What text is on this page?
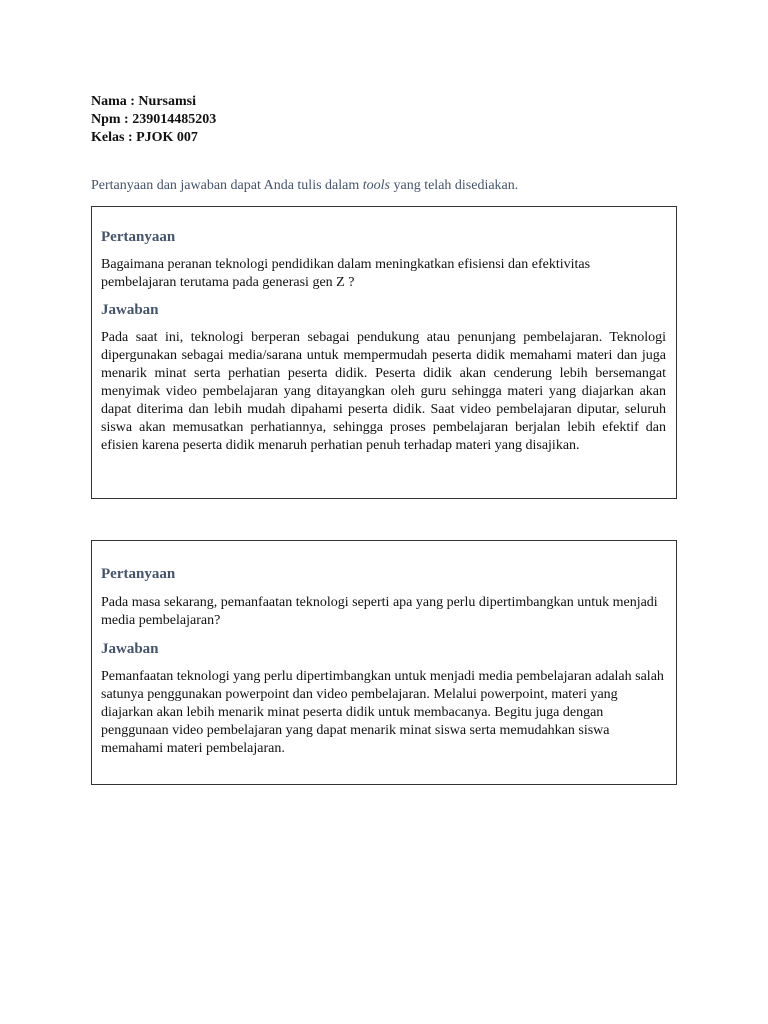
Nama : Nursamsi
Npm : 239014485203
Kelas : PJOK 007
Pertanyaan dan jawaban dapat Anda tulis dalam tools yang telah disediakan.

Pertanyaan

Bagaimana peranan teknologi pendidikan dalam meningkatkan efisiensi dan efektivitas pembelajaran terutama pada generasi gen Z ?

Jawaban

Pada saat ini, teknologi berperan sebagai pendukung atau penunjang pembelajaran. Teknologi dipergunakan sebagai media/sarana untuk mempermudah peserta didik memahami materi dan juga menarik minat serta perhatian peserta didik. Peserta didik akan cenderung lebih bersemangat menyimak video pembelajaran yang ditayangkan oleh guru sehingga materi yang diajarkan akan dapat diterima dan lebih mudah dipahami peserta didik. Saat video pembelajaran diputar, seluruh siswa akan memusatkan perhatiannya, sehingga proses pembelajaran berjalan lebih efektif dan efisien karena peserta didik menaruh perhatian penuh terhadap materi yang disajikan.

Pertanyaan

Pada masa sekarang, pemanfaatan teknologi seperti apa yang perlu dipertimbangkan untuk menjadi media pembelajaran?

Jawaban

Pemanfaatan teknologi yang perlu dipertimbangkan untuk menjadi media pembelajaran adalah salah satunya penggunakan powerpoint dan video pembelajaran. Melalui powerpoint, materi yang diajarkan akan lebih menarik minat peserta didik untuk membacanya. Begitu juga dengan penggunaan video pembelajaran yang dapat menarik minat siswa serta memudahkan siswa memahami materi pembelajaran.
